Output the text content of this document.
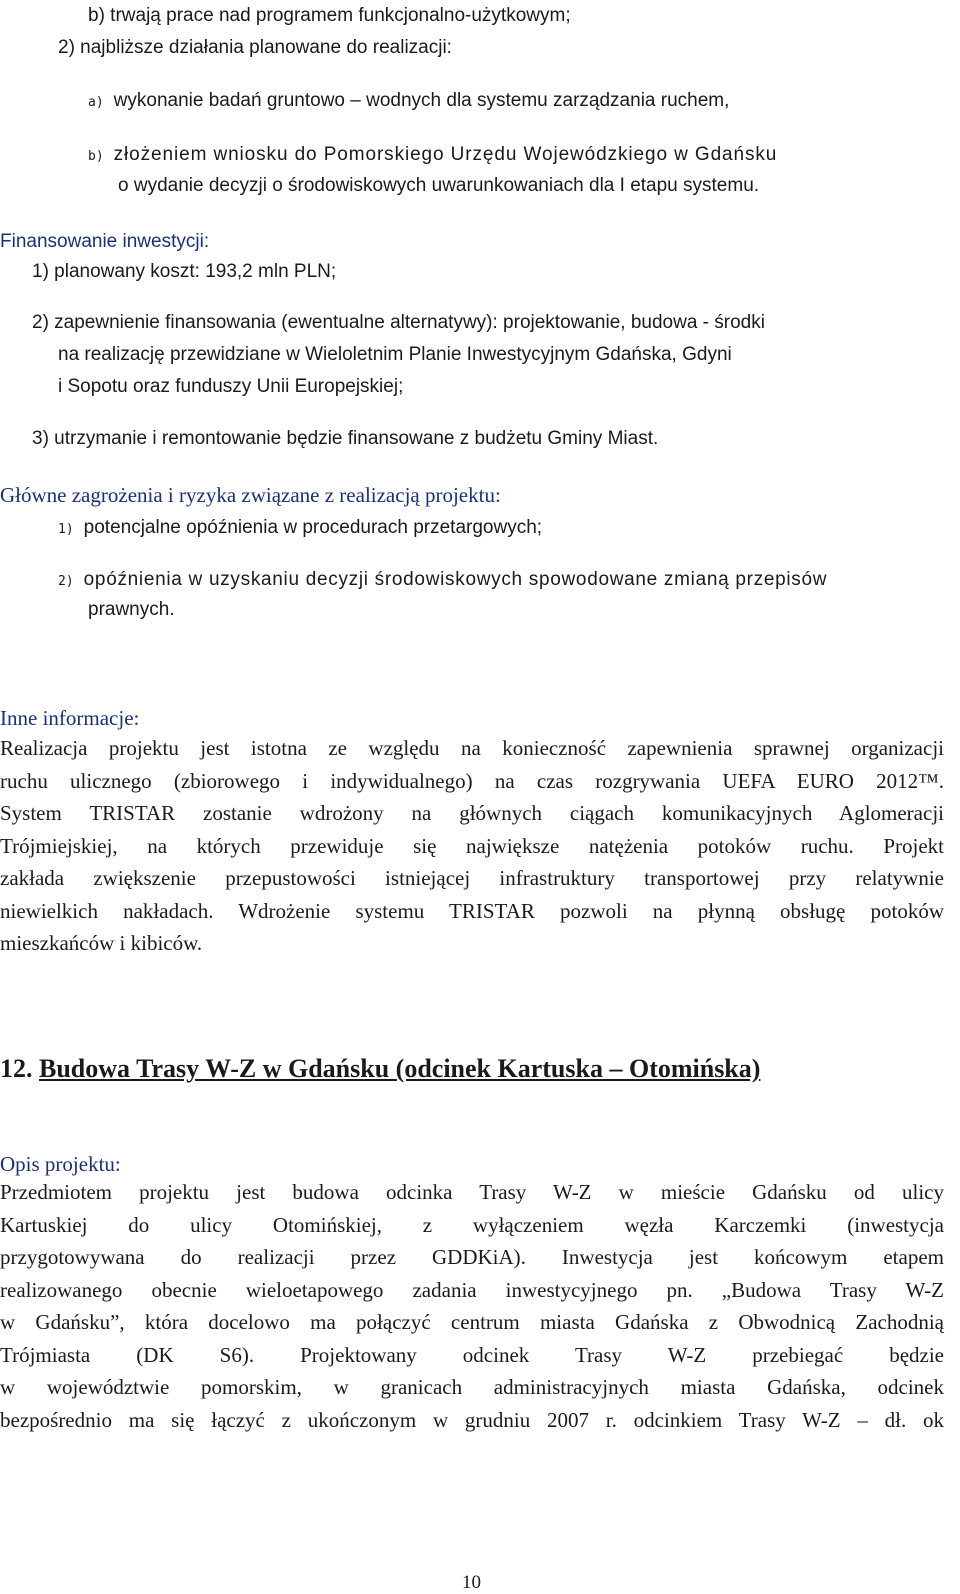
b) trwają prace nad programem funkcjonalno-użytkowym;
2) najbliższe działania planowane do realizacji:
a) wykonanie badań gruntowo – wodnych dla systemu zarządzania ruchem,
b) złożeniem wniosku do Pomorskiego Urzędu Wojewódzkiego w Gdańsku
o wydanie decyzji o środowiskowych uwarunkowaniach dla I etapu systemu.
Finansowanie inwestycji:
1) planowany koszt: 193,2 mln PLN;
2) zapewnienie finansowania (ewentualne alternatywy): projektowanie, budowa - środki
na realizację przewidziane w Wieloletnim Planie Inwestycyjnym Gdańska, Gdyni
i Sopotu oraz funduszy Unii Europejskiej;
3) utrzymanie i remontowanie będzie finansowane z budżetu Gminy Miast.
Główne zagrożenia i ryzyka związane z realizacją projektu:
1) potencjalne opóźnienia w procedurach przetargowych;
2) opóźnienia w uzyskaniu decyzji środowiskowych spowodowane zmianą przepisów
prawnych.
Inne informacje:
Realizacja projektu jest istotna ze względu na konieczność zapewnienia sprawnej organizacji
ruchu ulicznego (zbiorowego i indywidualnego) na czas rozgrywania UEFA EURO 2012™.
System TRISTAR zostanie wdrożony na głównych ciągach komunikacyjnych Aglomeracji
Trójmiejskiej, na których przewiduje się największe natężenia potoków ruchu. Projekt
zakłada zwiększenie przepustowości istniejącej infrastruktury transportowej przy relatywnie
niewielkich nakładach. Wdrożenie systemu TRISTAR pozwoli na płynną obsługę potoków
mieszkańców i kibiców.
12. Budowa Trasy W-Z w Gdańsku (odcinek Kartuska – Otomińska)
Opis projektu:
Przedmiotem projektu jest budowa odcinka Trasy W-Z w mieście Gdańsku od ulicy
Kartuskiej do ulicy Otomińskiej, z wyłączeniem węzła Karczemki (inwestycja
przygotowywana do realizacji przez GDDKiA). Inwestycja jest końcowym etapem
realizowanego obecnie wieloetapowego zadania inwestycyjnego pn. „Budowa Trasy W-Z
w Gdańsku”, która docelowo ma połączyć centrum miasta Gdańska z Obwodnicą Zachodnią
Trójmiasta (DK S6). Projektowany odcinek Trasy W-Z przebiegać będzie
w województwie pomorskim, w granicach administracyjnych miasta Gdańska, odcinek
bezpośrednio ma się łączyć z ukończonym w grudniu 2007 r. odcinkiem Trasy W-Z – dł. ok
10
